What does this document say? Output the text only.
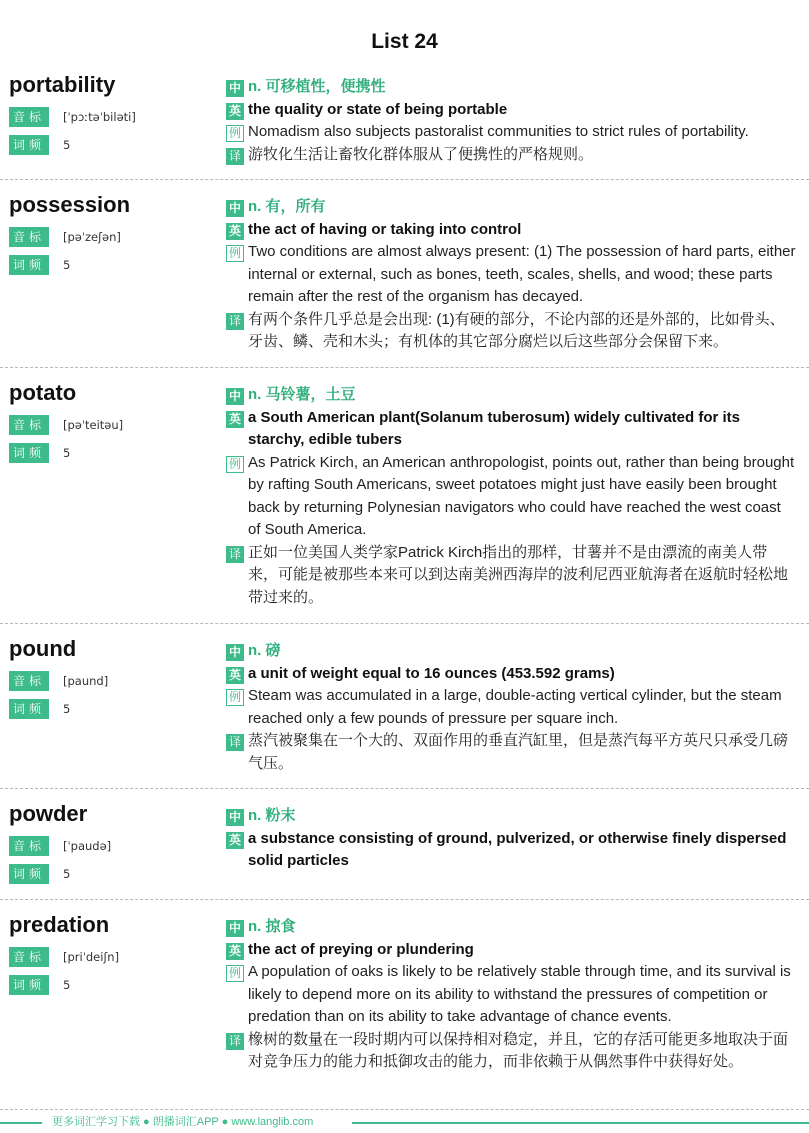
List 24
portability
音标 [ˈpɔːtəˈbiləti]
词频 5
中 n. 可移植性，便携性
英 the quality or state of being portable
例 Nomadism also subjects pastoralist communities to strict rules of portability.
译 游牧化生活让畜牧化群体服从了便携性的严格规则。
possession
音标 [pəˈzeʃən]
词频 5
中 n. 有，所有
英 the act of having or taking into control
例 Two conditions are almost always present: (1) The possession of hard parts, either internal or external, such as bones, teeth, scales, shells, and wood; these parts remain after the rest of the organism has decayed.
译 有两个条件几乎总是会出现: (1)有硬的部分，不论内部的还是外部的，比如骨头、牙齿、鳞、壳和木头；有机体的其它部分腐烂以后这些部分会保留下来。
potato
音标 [pəˈteitəu]
词频 5
中 n. 马铃薯，土豆
英 a South American plant(Solanum tuberosum) widely cultivated for its starchy, edible tubers
例 As Patrick Kirch, an American anthropologist, points out, rather than being brought by rafting South Americans, sweet potatoes might just have easily been brought back by returning Polynesian navigators who could have reached the west coast of South America.
译 正如一位美国人类学家Patrick Kirch指出的那样，甘薯并不是由漂流的南美人带来，可能是被那些本来可以到达南美洲西海岸的波利尼西亚航海者在返航时轻松地带过来的。
pound
音标 [paund]
词频 5
中 n. 磅
英 a unit of weight equal to 16 ounces (453.592 grams)
例 Steam was accumulated in a large, double-acting vertical cylinder, but the steam reached only a few pounds of pressure per square inch.
译 蒸汽被聚集在一个大的、双面作用的垂直汽缸里，但是蒸汽每平方英尺只承受几磅气压。
powder
音标 [ˈpaudə]
词频 5
中 n. 粉末
英 a substance consisting of ground, pulverized, or otherwise finely dispersed solid particles
predation
音标 [priˈdeiʃn]
词频 5
中 n. 掠食
英 the act of preying or plundering
例 A population of oaks is likely to be relatively stable through time, and its survival is likely to depend more on its ability to withstand the pressures of competition or predation than on its ability to take advantage of chance events.
译 橡树的数量在一段时期内可以保持相对稳定，并且，它的存活可能更多地取决于面对竞争压力的能力和抵御攻击的能力，而非依赖于从偶然事件中获得好处。
更多词汇学习下载 ● 朗播词汇APP ● www.langlib.com
